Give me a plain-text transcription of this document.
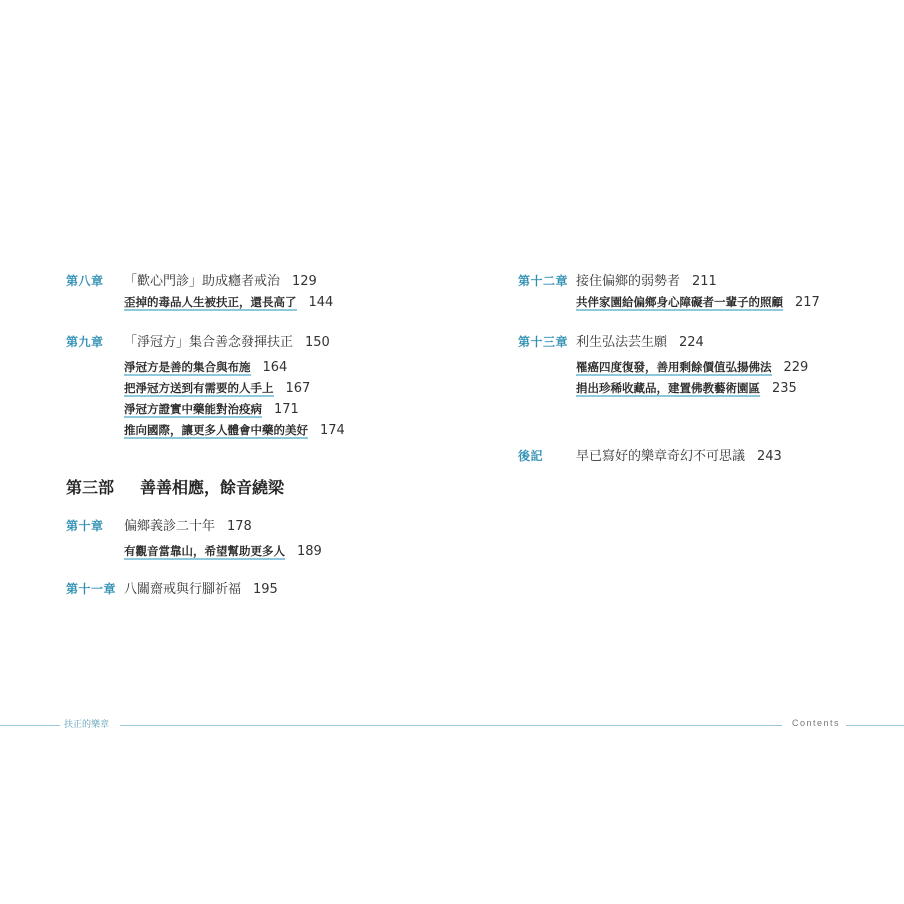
第八章	「歡心門診」助成癮者戒治 129
歪掉的毒品人生被扶正，還長高了 144
第九章	「淨冠方」集合善念發揮扶正 150
淨冠方是善的集合與布施 164
把淨冠方送到有需要的人手上 167
淨冠方證實中藥能對治疫病 171
推向國際，讓更多人體會中藥的美好 174
第三部	善善相應，餘音繞梁
第十章	偏鄉義診二十年 178
有觀音當靠山，希望幫助更多人 189
第十一章 八關齋戒與行腳祈福 195
第十二章 接住偏鄉的弱勢者 211
共伴家園給偏鄉身心障礙者一輩子的照顧 217
第十三章 利生弘法芸生願 224
罹癌四度復發，善用剩餘價值弘揚佛法 229
捐出珍稀收藏品，建置佛教藝術園區 235
後記	早已寫好的樂章奇幻不可思議 243
扶正的樂章	Contents
